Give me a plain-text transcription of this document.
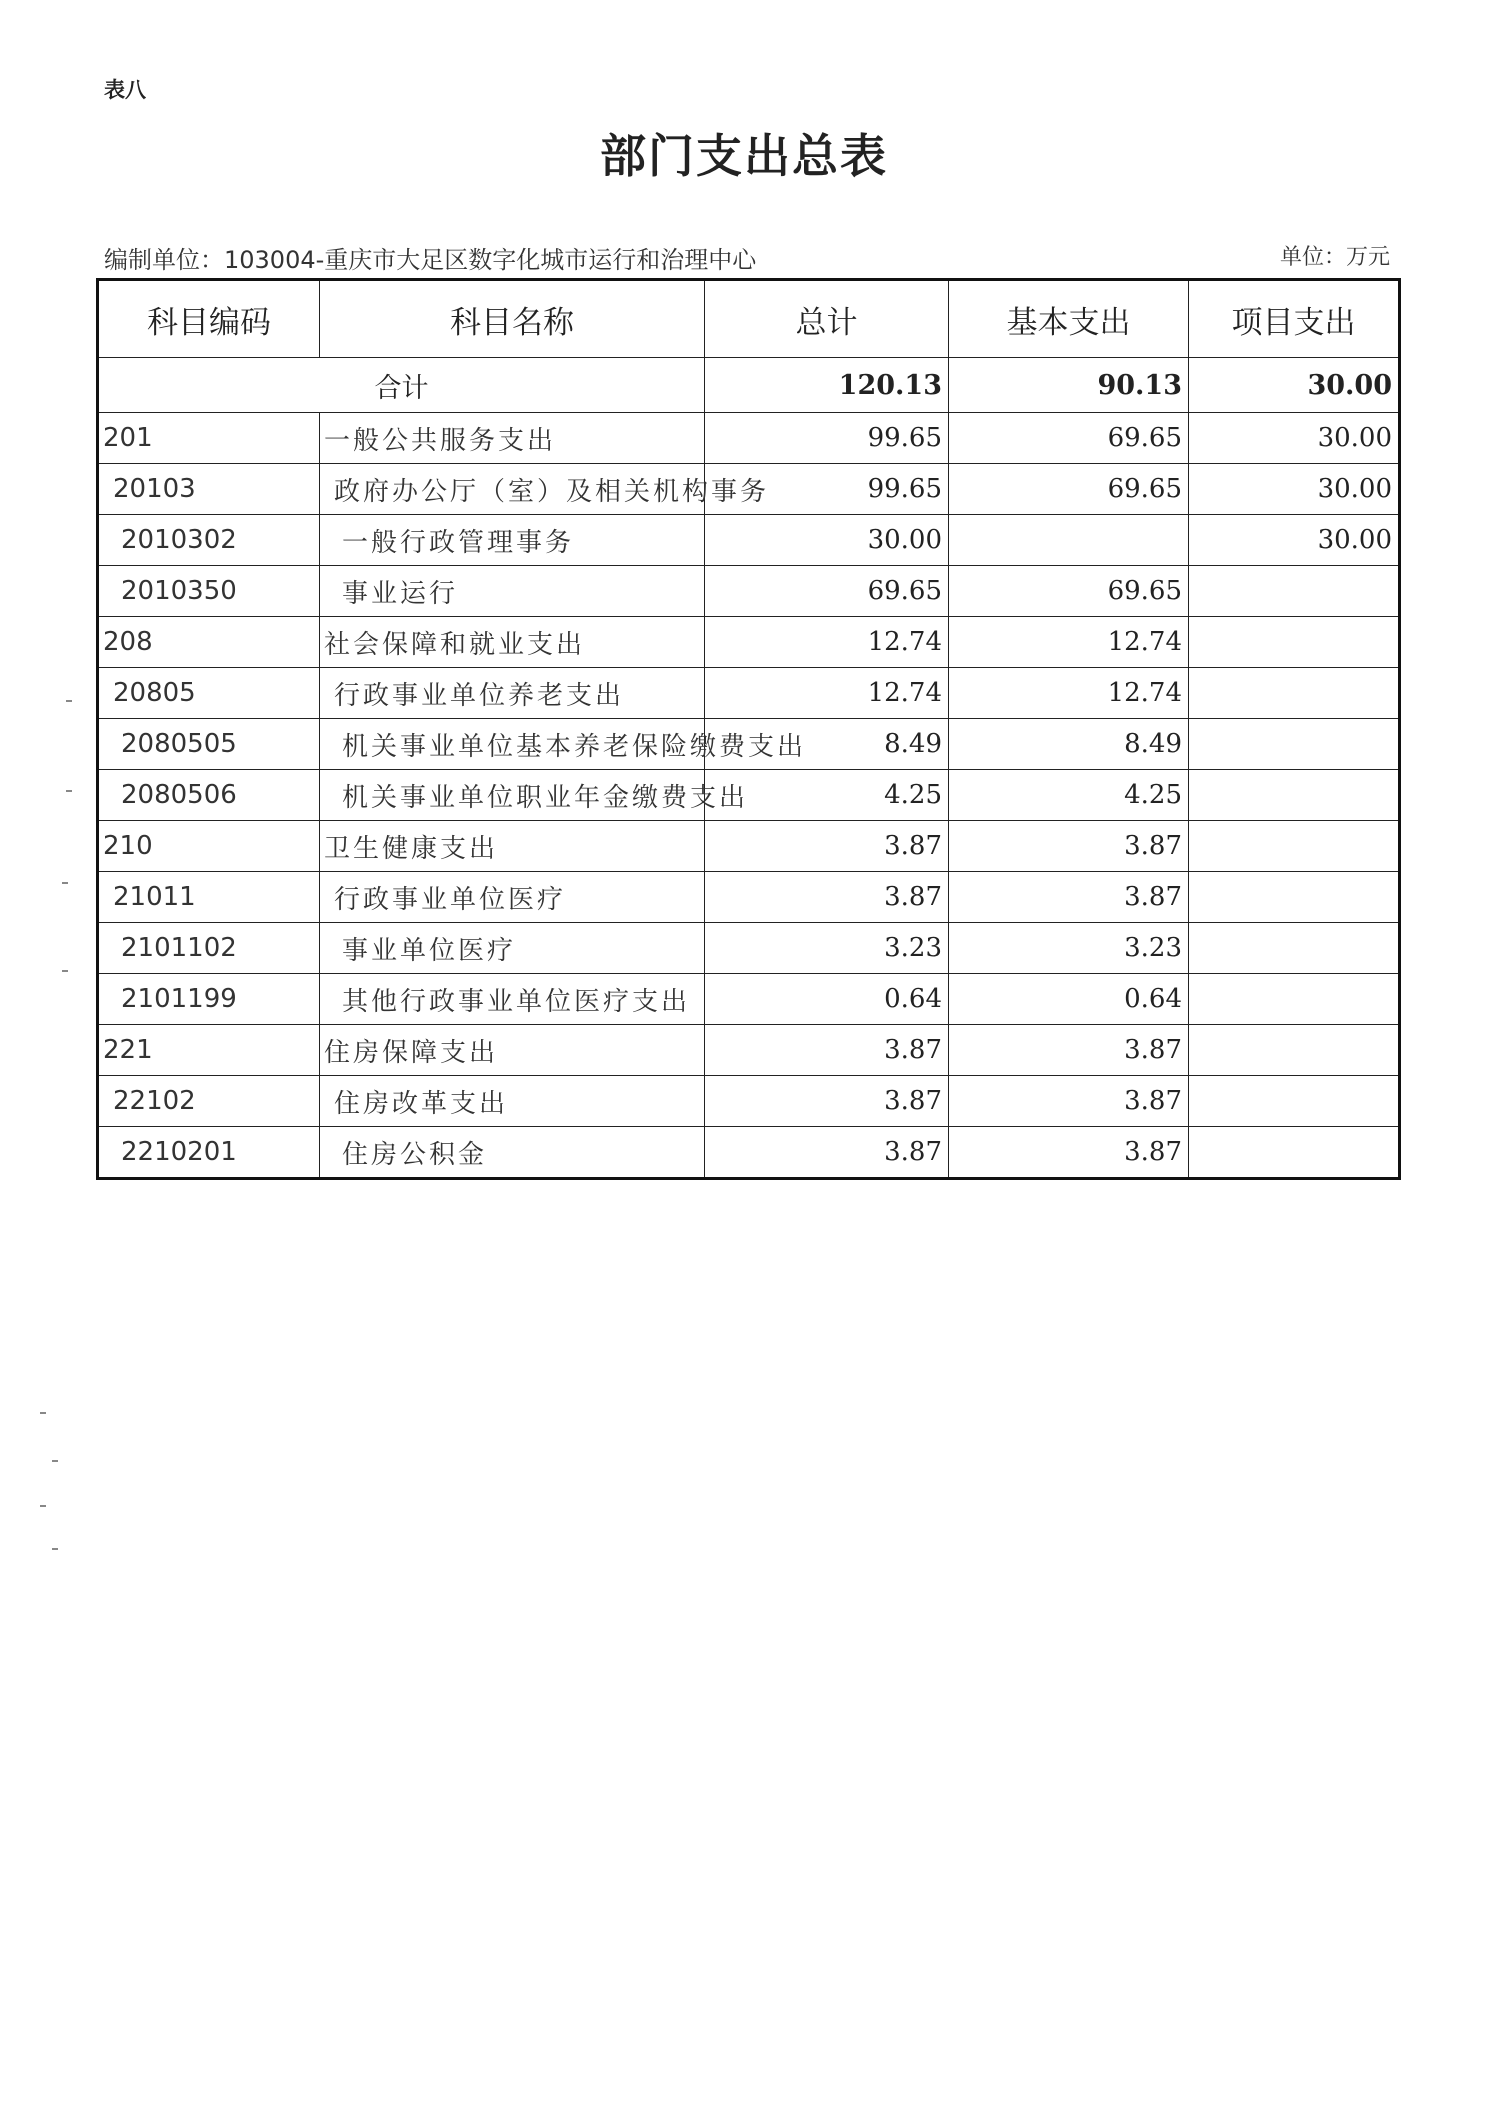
表八
部门支出总表
编制单位：103004-重庆市大足区数字化城市运行和治理中心	单位：万元
科目编码	科目名称	总计	基本支出	项目支出
合计		120.13	90.13	30.00
201	一般公共服务支出	99.65	69.65	30.00
20103	政府办公厅（室）及相关机构事务	99.65	69.65	30.00
2010302	一般行政管理事务	30.00		30.00
2010350	事业运行	69.65	69.65	
208	社会保障和就业支出	12.74	12.74	
20805	行政事业单位养老支出	12.74	12.74	
2080505	机关事业单位基本养老保险缴费支出	8.49	8.49	
2080506	机关事业单位职业年金缴费支出	4.25	4.25	
210	卫生健康支出	3.87	3.87	
21011	行政事业单位医疗	3.87	3.87	
2101102	事业单位医疗	3.23	3.23	
2101199	其他行政事业单位医疗支出	0.64	0.64	
221	住房保障支出	3.87	3.87	
22102	住房改革支出	3.87	3.87	
2210201	住房公积金	3.87	3.87	
